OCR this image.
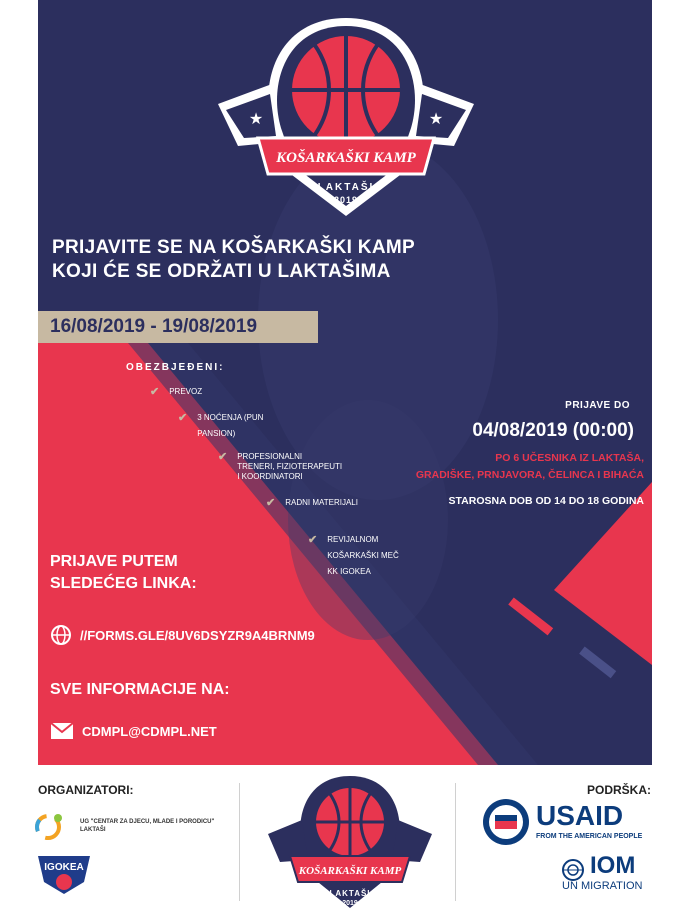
★	★
KOŠARKAŠKI KAMP
LAKTAŠI
2019
PRIJAVITE SE NA KOŠARKAŠKI KAMP
KOJI ĆE SE ODRŽATI U LAKTAŠIMA
16/08/2019 - 19/08/2019
OBEZBJEĐENI:
✔ PREVOZ
✔ 3 NOĆENJA (PUN
PANSION)
✔ PROFESIONALNI
TRENERI, FIZIOTERAPEUTI
I KOORDINATORI
✔ RADNI MATERIJALI
✔ REVIJALNOM
KOŠARKAŠKI MEČ
KK IGOKEA
PRIJAVE DO
04/08/2019 (00:00)
PO 6 UČESNIKA IZ LAKTAŠA,
GRADIŠKE, PRNJAVORA, ČELINCA I BIHAĆA
STAROSNA DOB OD 14 DO 18 GODINA
PRIJAVE PUTEM
SLEDEĆEG LINKA:
//FORMS.GLE/8UV6DSYZR9A4BRNM9
SVE INFORMACIJE NA:
CDMPL@CDMPL.NET
ORGANIZATORI:
UG "CENTAR ZA DJECU, MLADE I PORODICU"
LAKTAŠI
IGOKEA	KOŠARKAŠKI KAMP
LAKTAŠI
2019
PODRŠKA:
USAID
FROM THE AMERICAN PEOPLE
IOM
UN MIGRATION
